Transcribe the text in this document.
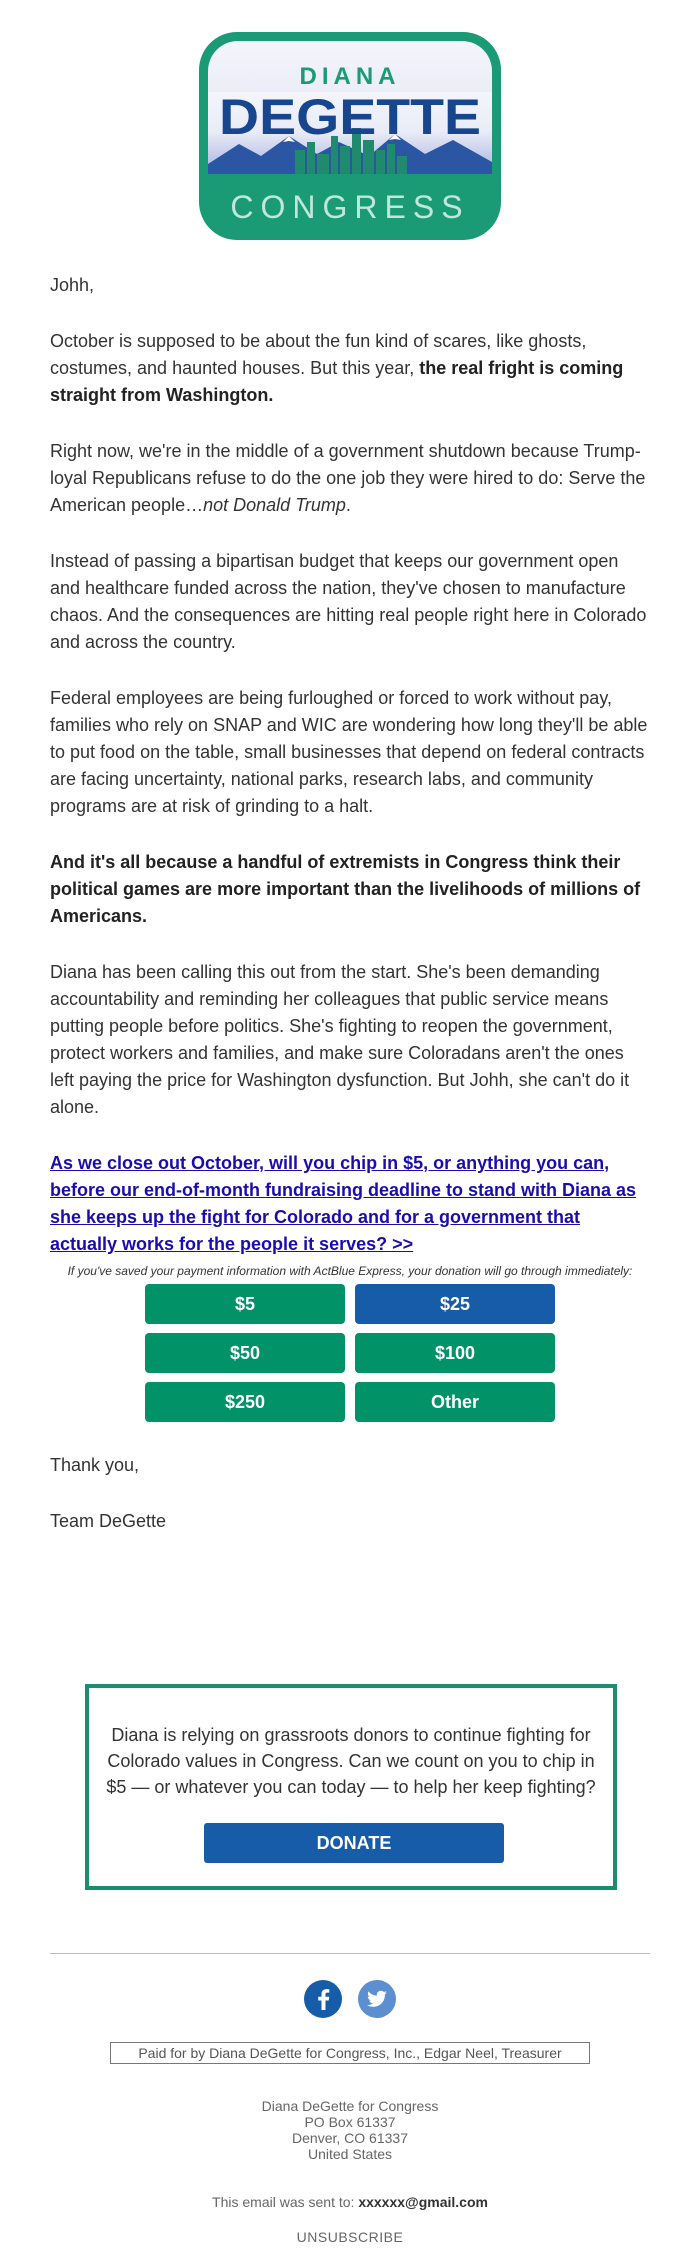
DIANA
DEGETTE
CONGRESS

Johh,

October is supposed to be about the fun kind of scares, like ghosts, costumes, and haunted houses. But this year, the real fright is coming straight from Washington.

Right now, we're in the middle of a government shutdown because Trump-loyal Republicans refuse to do the one job they were hired to do: Serve the American people…not Donald Trump.

Instead of passing a bipartisan budget that keeps our government open and healthcare funded across the nation, they've chosen to manufacture chaos. And the consequences are hitting real people right here in Colorado and across the country.

Federal employees are being furloughed or forced to work without pay, families who rely on SNAP and WIC are wondering how long they'll be able to put food on the table, small businesses that depend on federal contracts are facing uncertainty, national parks, research labs, and community programs are at risk of grinding to a halt.

And it's all because a handful of extremists in Congress think their political games are more important than the livelihoods of millions of Americans.

Diana has been calling this out from the start. She's been demanding accountability and reminding her colleagues that public service means putting people before politics. She's fighting to reopen the government, protect workers and families, and make sure Coloradans aren't the ones left paying the price for Washington dysfunction. But Johh, she can't do it alone.

As we close out October, will you chip in $5, or anything you can, before our end-of-month fundraising deadline to stand with Diana as she keeps up the fight for Colorado and for a government that actually works for the people it serves? >>
If you've saved your payment information with ActBlue Express, your donation will go through immediately:
$5	$25
$50	$100
$250	Other
Thank you,
Team DeGette
Diana is relying on grassroots donors to continue fighting for Colorado values in Congress. Can we count on you to chip in $5 — or whatever you can today — to help her keep fighting?
DONATE
Paid for by Diana DeGette for Congress, Inc., Edgar Neel, Treasurer
Diana DeGette for Congress
PO Box 61337
Denver, CO 61337
United States
This email was sent to: xxxxxx@gmail.com
UNSUBSCRIBE
